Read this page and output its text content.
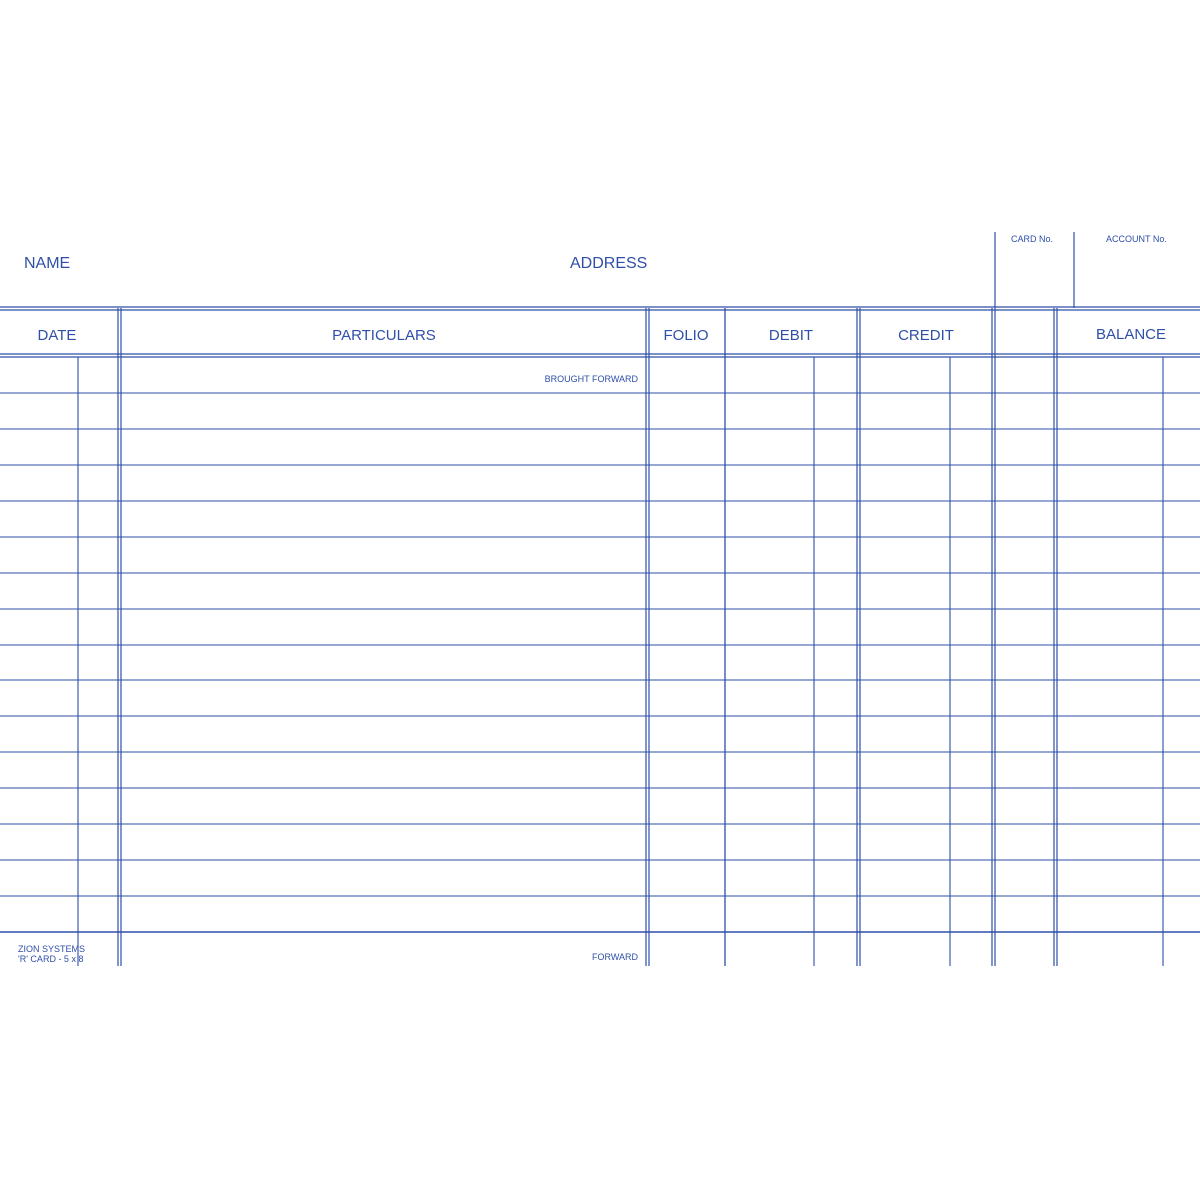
NAME	ADDRESS
CARD No.	ACCOUNT No.
DATE	PARTICULARS	FOLIO	DEBIT	CREDIT	BALANCE
BROUGHT FORWARD
FORWARD
ZION SYSTEMS
'R' CARD - 5 x 8
